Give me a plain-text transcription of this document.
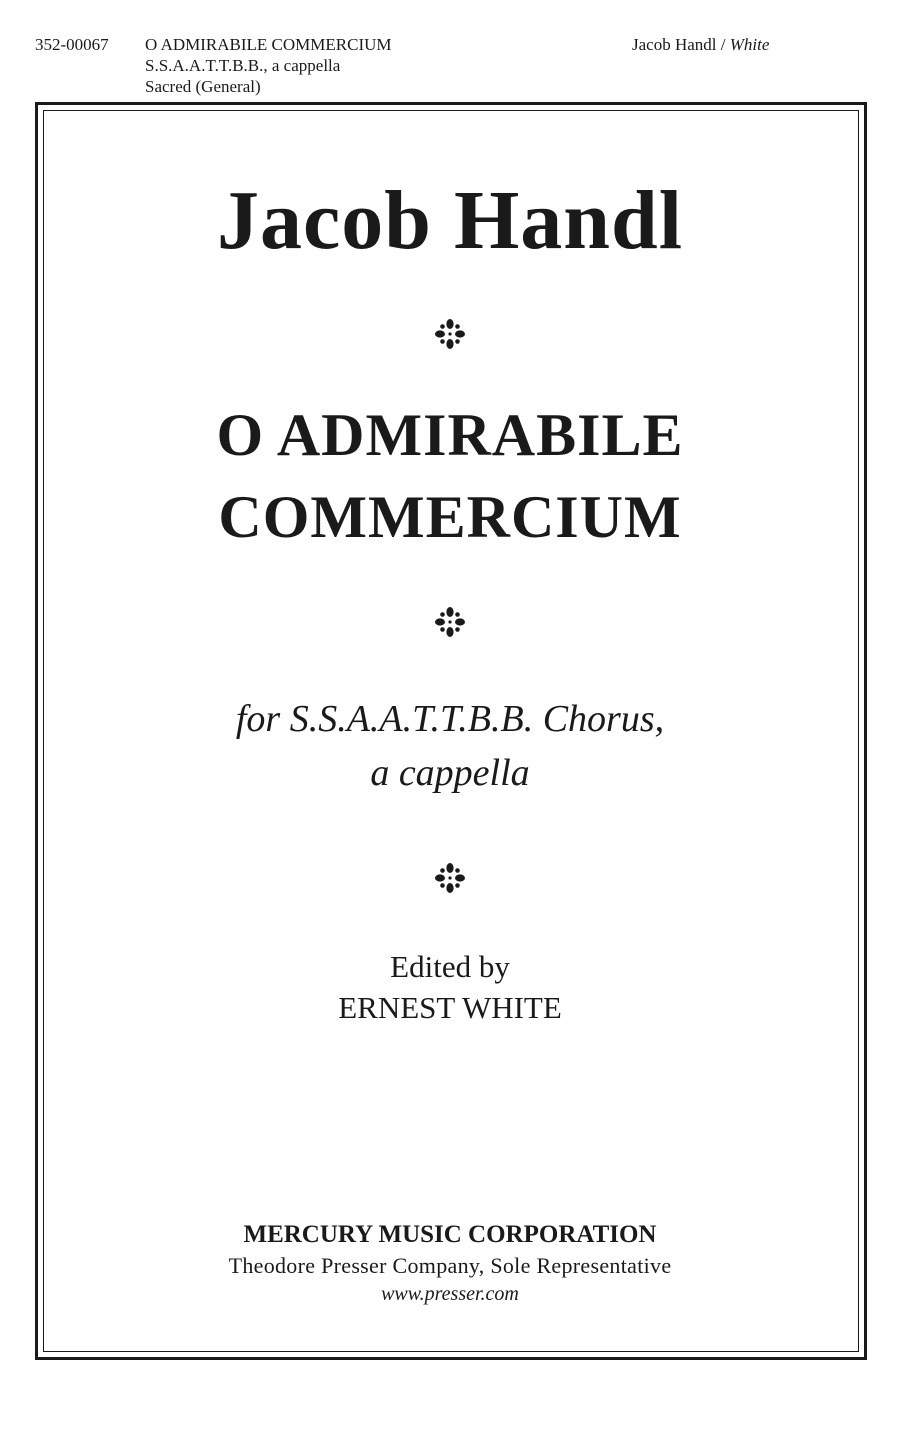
352-00067 O ADMIRABILE COMMERCIUM
S.S.A.A.T.T.B.B., a cappella
Sacred (General)
Jacob Handl / White
Jacob Handl
O ADMIRABILE
COMMERCIUM
for S.S.A.A.T.T.B.B. Chorus,
a cappella
Edited by
ERNEST WHITE
MERCURY MUSIC CORPORATION
Theodore Presser Company, Sole Representative
www.presser.com
